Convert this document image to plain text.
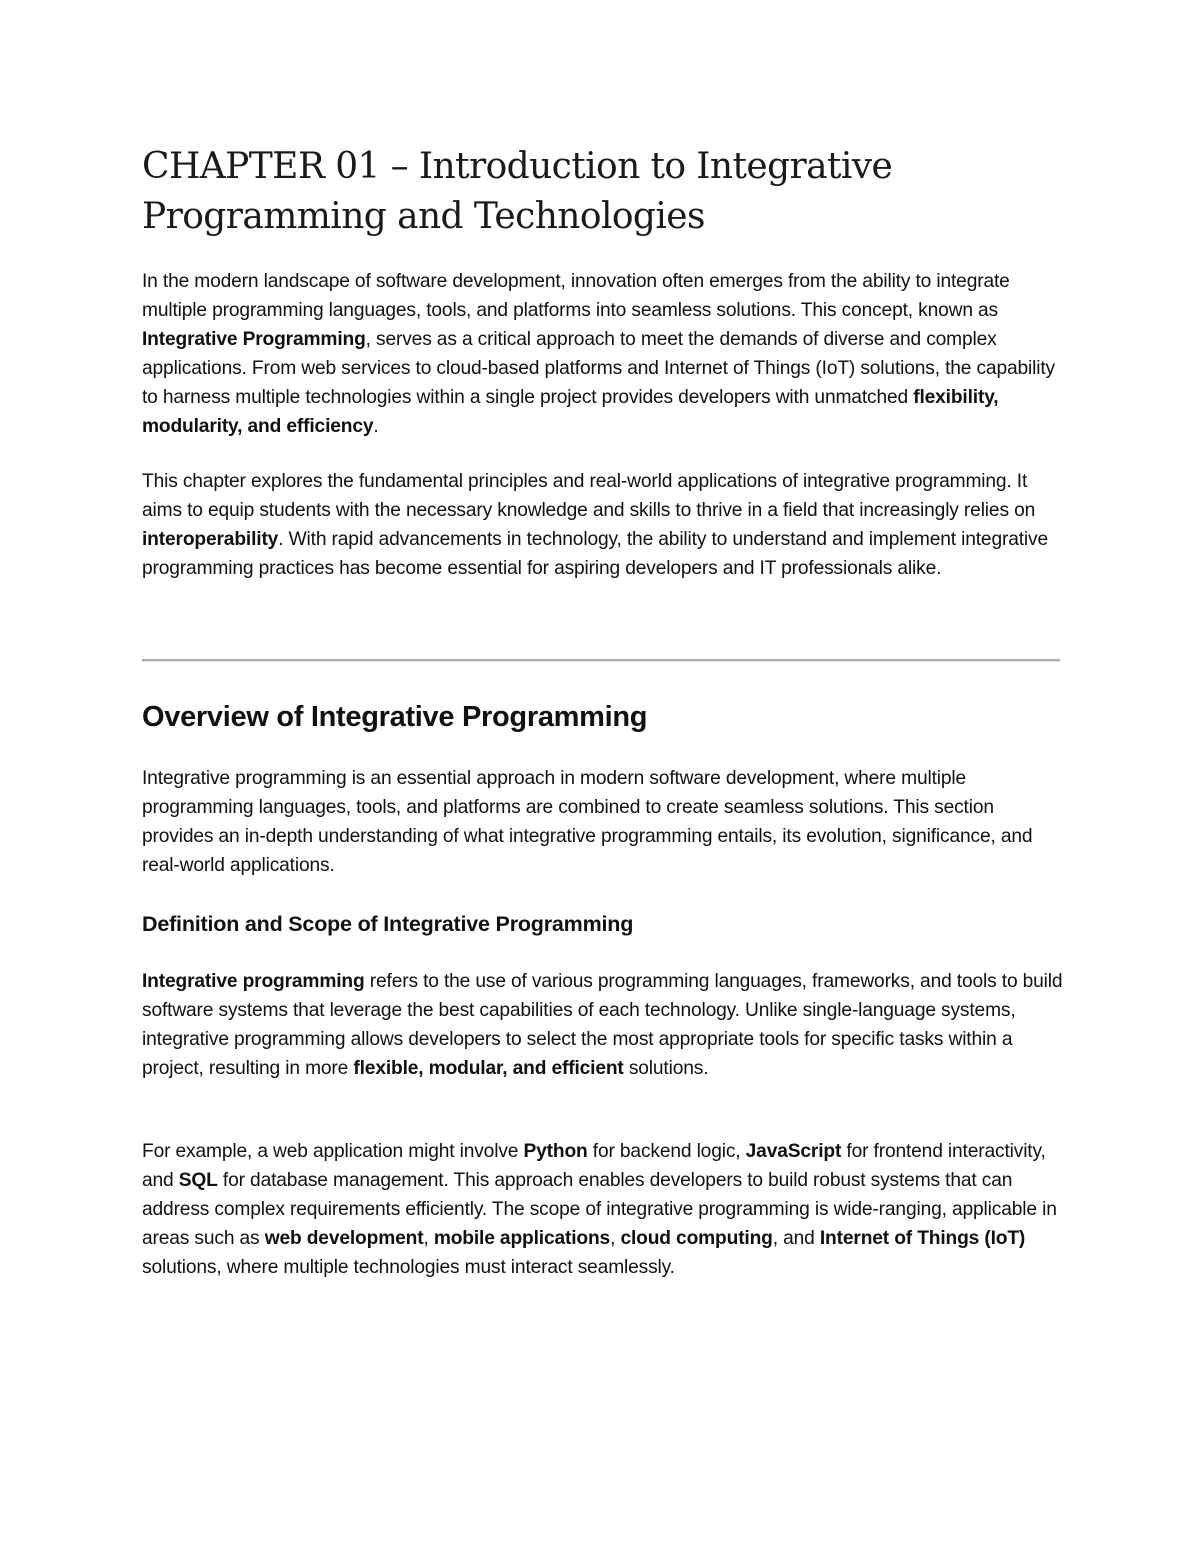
CHAPTER 01 – Introduction to Integrative Programming and Technologies

In the modern landscape of software development, innovation often emerges from the ability to integrate multiple programming languages, tools, and platforms into seamless solutions. This concept, known as Integrative Programming, serves as a critical approach to meet the demands of diverse and complex applications. From web services to cloud-based platforms and Internet of Things (IoT) solutions, the capability to harness multiple technologies within a single project provides developers with unmatched flexibility, modularity, and efficiency.

This chapter explores the fundamental principles and real-world applications of integrative programming. It aims to equip students with the necessary knowledge and skills to thrive in a field that increasingly relies on interoperability. With rapid advancements in technology, the ability to understand and implement integrative programming practices has become essential for aspiring developers and IT professionals alike.

Overview of Integrative Programming

Integrative programming is an essential approach in modern software development, where multiple programming languages, tools, and platforms are combined to create seamless solutions. This section provides an in-depth understanding of what integrative programming entails, its evolution, significance, and real-world applications.

Definition and Scope of Integrative Programming

Integrative programming refers to the use of various programming languages, frameworks, and tools to build software systems that leverage the best capabilities of each technology. Unlike single-language systems, integrative programming allows developers to select the most appropriate tools for specific tasks within a project, resulting in more flexible, modular, and efficient solutions.

For example, a web application might involve Python for backend logic, JavaScript for frontend interactivity, and SQL for database management. This approach enables developers to build robust systems that can address complex requirements efficiently. The scope of integrative programming is wide-ranging, applicable in areas such as web development, mobile applications, cloud computing, and Internet of Things (IoT) solutions, where multiple technologies must interact seamlessly.
